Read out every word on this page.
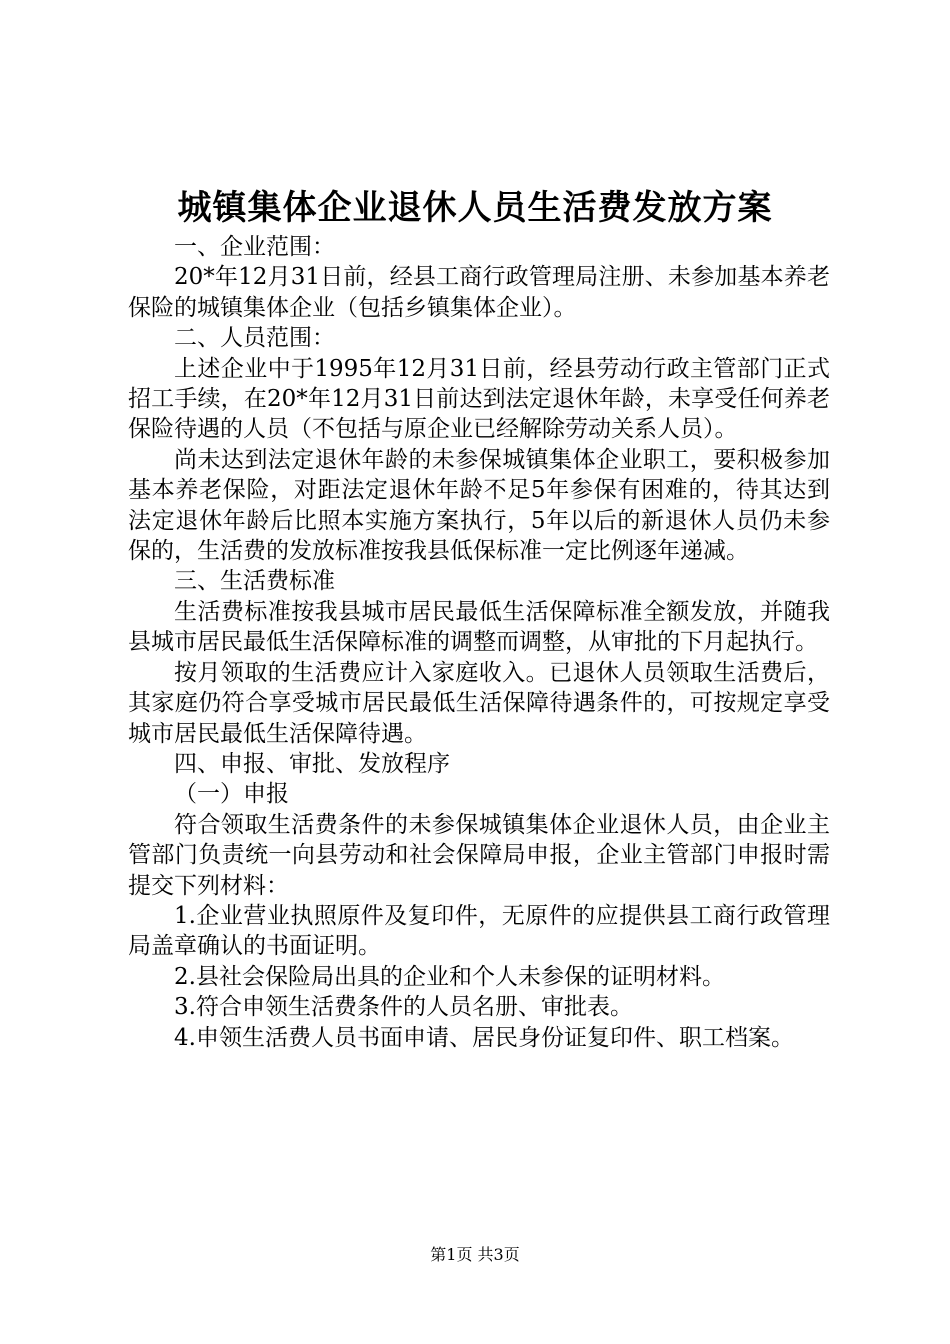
城镇集体企业退休人员生活费发放方案

一、企业范围：

20*年12月31日前，经县工商行政管理局注册、未参加基本养老保险的城镇集体企业（包括乡镇集体企业）。

二、人员范围：

上述企业中于1995年12月31日前，经县劳动行政主管部门正式招工手续，在20*年12月31日前达到法定退休年龄，未享受任何养老保险待遇的人员（不包括与原企业已经解除劳动关系人员）。

尚未达到法定退休年龄的未参保城镇集体企业职工，要积极参加基本养老保险，对距法定退休年龄不足5年参保有困难的，待其达到法定退休年龄后比照本实施方案执行，5年以后的新退休人员仍未参保的，生活费的发放标准按我县低保标准一定比例逐年递减。

三、生活费标准

生活费标准按我县城市居民最低生活保障标准全额发放，并随我县城市居民最低生活保障标准的调整而调整，从审批的下月起执行。

按月领取的生活费应计入家庭收入。已退休人员领取生活费后，其家庭仍符合享受城市居民最低生活保障待遇条件的，可按规定享受城市居民最低生活保障待遇。

四、申报、审批、发放程序

（一）申报

符合领取生活费条件的未参保城镇集体企业退休人员，由企业主管部门负责统一向县劳动和社会保障局申报，企业主管部门申报时需提交下列材料：

1.企业营业执照原件及复印件，无原件的应提供县工商行政管理局盖章确认的书面证明。

2.县社会保险局出具的企业和个人未参保的证明材料。

3.符合申领生活费条件的人员名册、审批表。

4.申领生活费人员书面申请、居民身份证复印件、职工档案。

第1页 共3页
